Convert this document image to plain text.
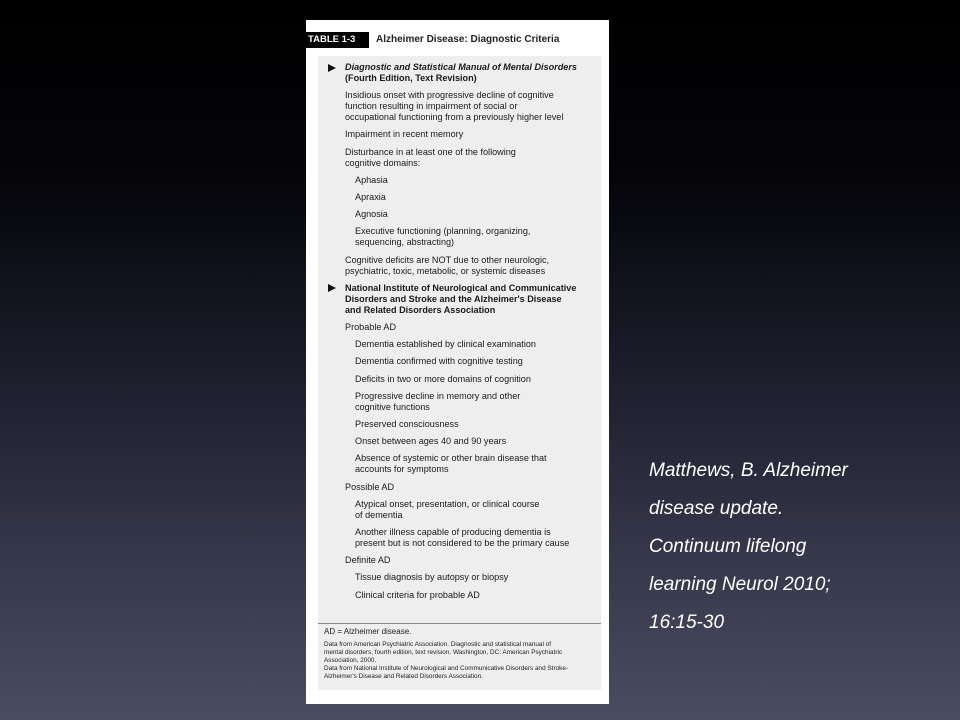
TABLE 1-3	Alzheimer Disease: Diagnostic Criteria
Diagnostic and Statistical Manual of Mental Disorders
(Fourth Edition, Text Revision)
Insidious onset with progressive decline of cognitive
function resulting in impairment of social or
occupational functioning from a previously higher level
Impairment in recent memory
Disturbance in at least one of the following
cognitive domains:
Aphasia
Apraxia
Agnosia
Executive functioning (planning, organizing,
sequencing, abstracting)
Cognitive deficits are NOT due to other neurologic,
psychiatric, toxic, metabolic, or systemic diseases
National Institute of Neurological and Communicative
Disorders and Stroke and the Alzheimer's Disease
and Related Disorders Association
Probable AD
Dementia established by clinical examination
Dementia confirmed with cognitive testing
Deficits in two or more domains of cognition
Progressive decline in memory and other
cognitive functions
Preserved consciousness
Onset between ages 40 and 90 years
Absence of systemic or other brain disease that
accounts for symptoms
Possible AD
Atypical onset, presentation, or clinical course
of dementia
Another illness capable of producing dementia is
present but is not considered to be the primary cause
Definite AD
Tissue diagnosis by autopsy or biopsy
Clinical criteria for probable AD
AD = Alzheimer disease.
Data from American Psychiatric Association. Diagnostic and statistical manual of
mental disorders, fourth edition, text revision. Washington, DC: American Psychiatric
Association, 2000.
Data from National Institute of Neurological and Communicative Disorders and Stroke-
Alzheimer's Disease and Related Disorders Association.
Matthews, B. Alzheimer
disease update.
Continuum lifelong
learning Neurol 2010;
16:15-30
